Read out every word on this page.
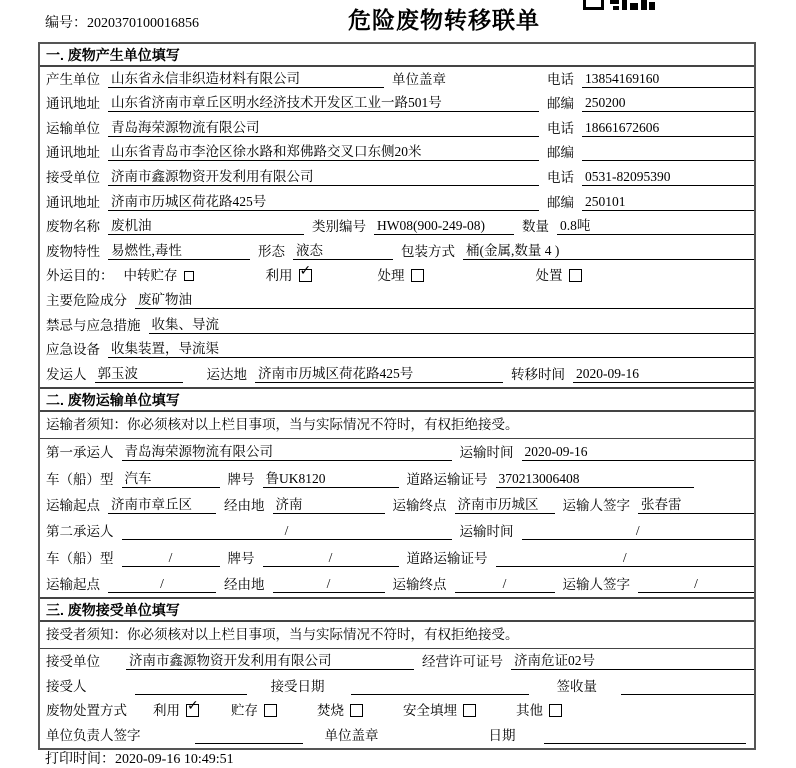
编号：2020370100016856	危险废物转移联单
一. 废物产生单位填写
产生单位 山东省永信非织造材料有限公司	单位盖章	电话 13854169160
通讯地址 山东省济南市章丘区明水经济技术开发区工业一路501号	邮编 250200
运输单位 青岛海荣源物流有限公司	电话 18661672606
通讯地址 山东省青岛市李沧区徐水路和郑佛路交叉口东侧20米	邮编
接受单位 济南市鑫源物资开发利用有限公司	电话 0531-82095390
通讯地址 济南市历城区荷花路425号	邮编 250101
废物名称 废机油	类别编号 HW08(900-249-08)	数量 0.8吨
废物特性 易燃性,毒性	形态 液态	包装方式 桶(金属,数量 4 )
外运目的： 中转贮存	利用 ✓	处理	处置
主要危险成分 废矿物油
禁忌与应急措施 收集、导流
应急设备 收集装置，导流渠
发运人 郭玉波	运达地 济南市历城区荷花路425号	转移时间 2020-09-16
二. 废物运输单位填写
运输者须知：你必须核对以上栏目事项，当与实际情况不符时，有权拒绝接受。
第一承运人 青岛海荣源物流有限公司	运输时间 2020-09-16
车（船）型 汽车	牌号 鲁UK8120	道路运输证号 370213006408
运输起点 济南市章丘区	经由地 济南	运输终点 济南市历城区	运输人签字 张春雷
第二承运人	/	运输时间	/
车（船）型	/	牌号	/	道路运输证号	/
运输起点	/	经由地	/	运输终点	/	运输人签字	/
三. 废物接受单位填写
接受者须知：你必须核对以上栏目事项，当与实际情况不符时，有权拒绝接受。
接受单位 济南市鑫源物资开发利用有限公司	经营许可证号 济南危证02号
接受人	接受日期	签收量
废物处置方式 利用 ✓ 贮存	焚烧	安全填埋	其他
单位负责人签字	单位盖章	日期
打印时间：2020-09-16 10:49:51
